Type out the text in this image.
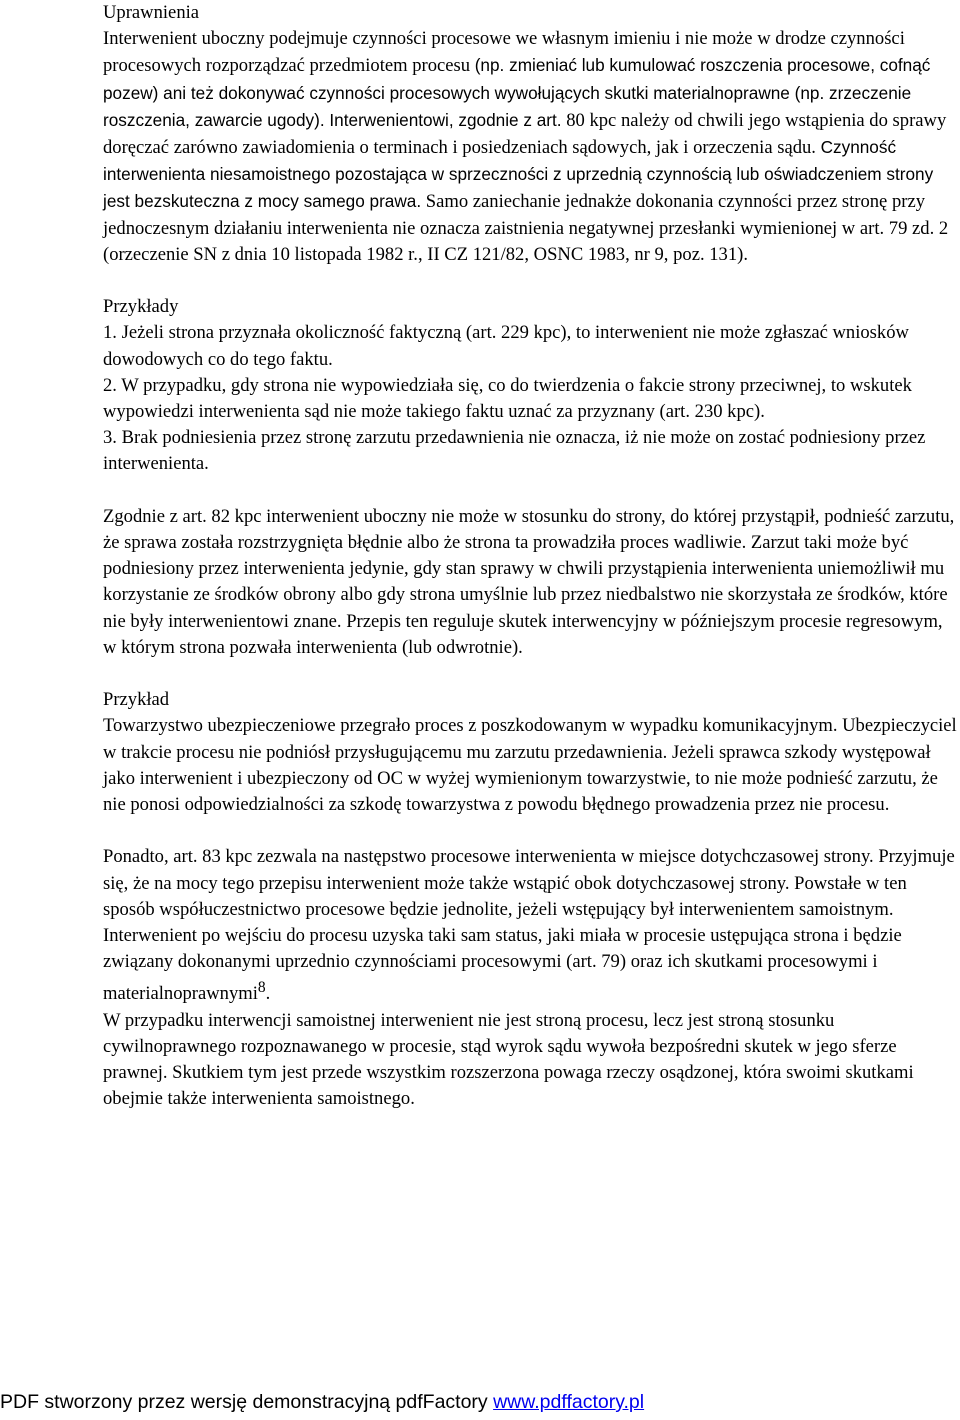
Uprawnienia

Interwenient uboczny podejmuje czynności procesowe we własnym imieniu i nie może w drodze czynności procesowych rozporządzać przedmiotem procesu (np. zmieniać lub kumulować roszczenia procesowe, cofnąć pozew) ani też dokonywać czynności procesowych wywołujących skutki materialnoprawne (np. zrzeczenie roszczenia, zawarcie ugody). Interwenientowi, zgodnie z art. 80 kpc należy od chwili jego wstąpienia do sprawy doręczać zarówno zawiadomienia o terminach i posiedzeniach sądowych, jak i orzeczenia sądu. Czynność interwenienta niesamoistnego pozostająca w sprzeczności z uprzednią czynnością lub oświadczeniem strony jest bezskuteczna z mocy samego prawa. Samo zaniechanie jednakże dokonania czynności przez stronę przy jednoczesnym działaniu interwenienta nie oznacza zaistnienia negatywnej przesłanki wymienionej w art. 79 zd. 2 (orzeczenie SN z dnia 10 listopada 1982 r., II CZ 121/82, OSNC 1983, nr 9, poz. 131).

Przykłady

1. Jeżeli strona przyznała okoliczność faktyczną (art. 229 kpc), to interwenient nie może zgłaszać wniosków dowodowych co do tego faktu.

2. W przypadku, gdy strona nie wypowiedziała się, co do twierdzenia o fakcie strony przeciwnej, to wskutek wypowiedzi interwenienta sąd nie może takiego faktu uznać za przyznany (art. 230 kpc).

3. Brak podniesienia przez stronę zarzutu przedawnienia nie oznacza, iż nie może on zostać podniesiony przez interwenienta.

Zgodnie z art. 82 kpc interwenient uboczny nie może w stosunku do strony, do której przystąpił, podnieść zarzutu, że sprawa została rozstrzygnięta błędnie albo że strona ta prowadziła proces wadliwie. Zarzut taki może być podniesiony przez interwenienta jedynie, gdy stan sprawy w chwili przystąpienia interwenienta uniemożliwił mu korzystanie ze środków obrony albo gdy strona umyślnie lub przez niedbalstwo nie skorzystała ze środków, które nie były interwenientowi znane. Przepis ten reguluje skutek interwencyjny w późniejszym procesie regresowym, w którym strona pozwała interwenienta (lub odwrotnie).

Przykład

Towarzystwo ubezpieczeniowe przegrało proces z poszkodowanym w wypadku komunikacyjnym. Ubezpieczyciel w trakcie procesu nie podniósł przysługującemu mu zarzutu przedawnienia. Jeżeli sprawca szkody występował jako interwenient i ubezpieczony od OC w wyżej wymienionym towarzystwie, to nie może podnieść zarzutu, że nie ponosi odpowiedzialności za szkodę towarzystwa z powodu błędnego prowadzenia przez nie procesu.

Ponadto, art. 83 kpc zezwala na następstwo procesowe interwenienta w miejsce dotychczasowej strony. Przyjmuje się, że na mocy tego przepisu interwenient może także wstąpić obok dotychczasowej strony. Powstałe w ten sposób współuczestnictwo procesowe będzie jednolite, jeżeli wstępujący był interwenientem samoistnym. Interwenient po wejściu do procesu uzyska taki sam status, jaki miała w procesie ustępująca strona i będzie związany dokonanymi uprzednio czynnościami procesowymi (art. 79) oraz ich skutkami procesowymi i materialnoprawnymi$^8$.

W przypadku interwencji samoistnej interwenient nie jest stroną procesu, lecz jest stroną stosunku cywilnoprawnego rozpoznawanego w procesie, stąd wyrok sądu wywoła bezpośredni skutek w jego sferze prawnej. Skutkiem tym jest przede wszystkim rozszerzona powaga rzeczy osądzonej, która swoimi skutkami obejmie także interwenienta samoistnego.

PDF stworzony przez wersję demonstracyjną pdfFactory www.pdffactory.pl
